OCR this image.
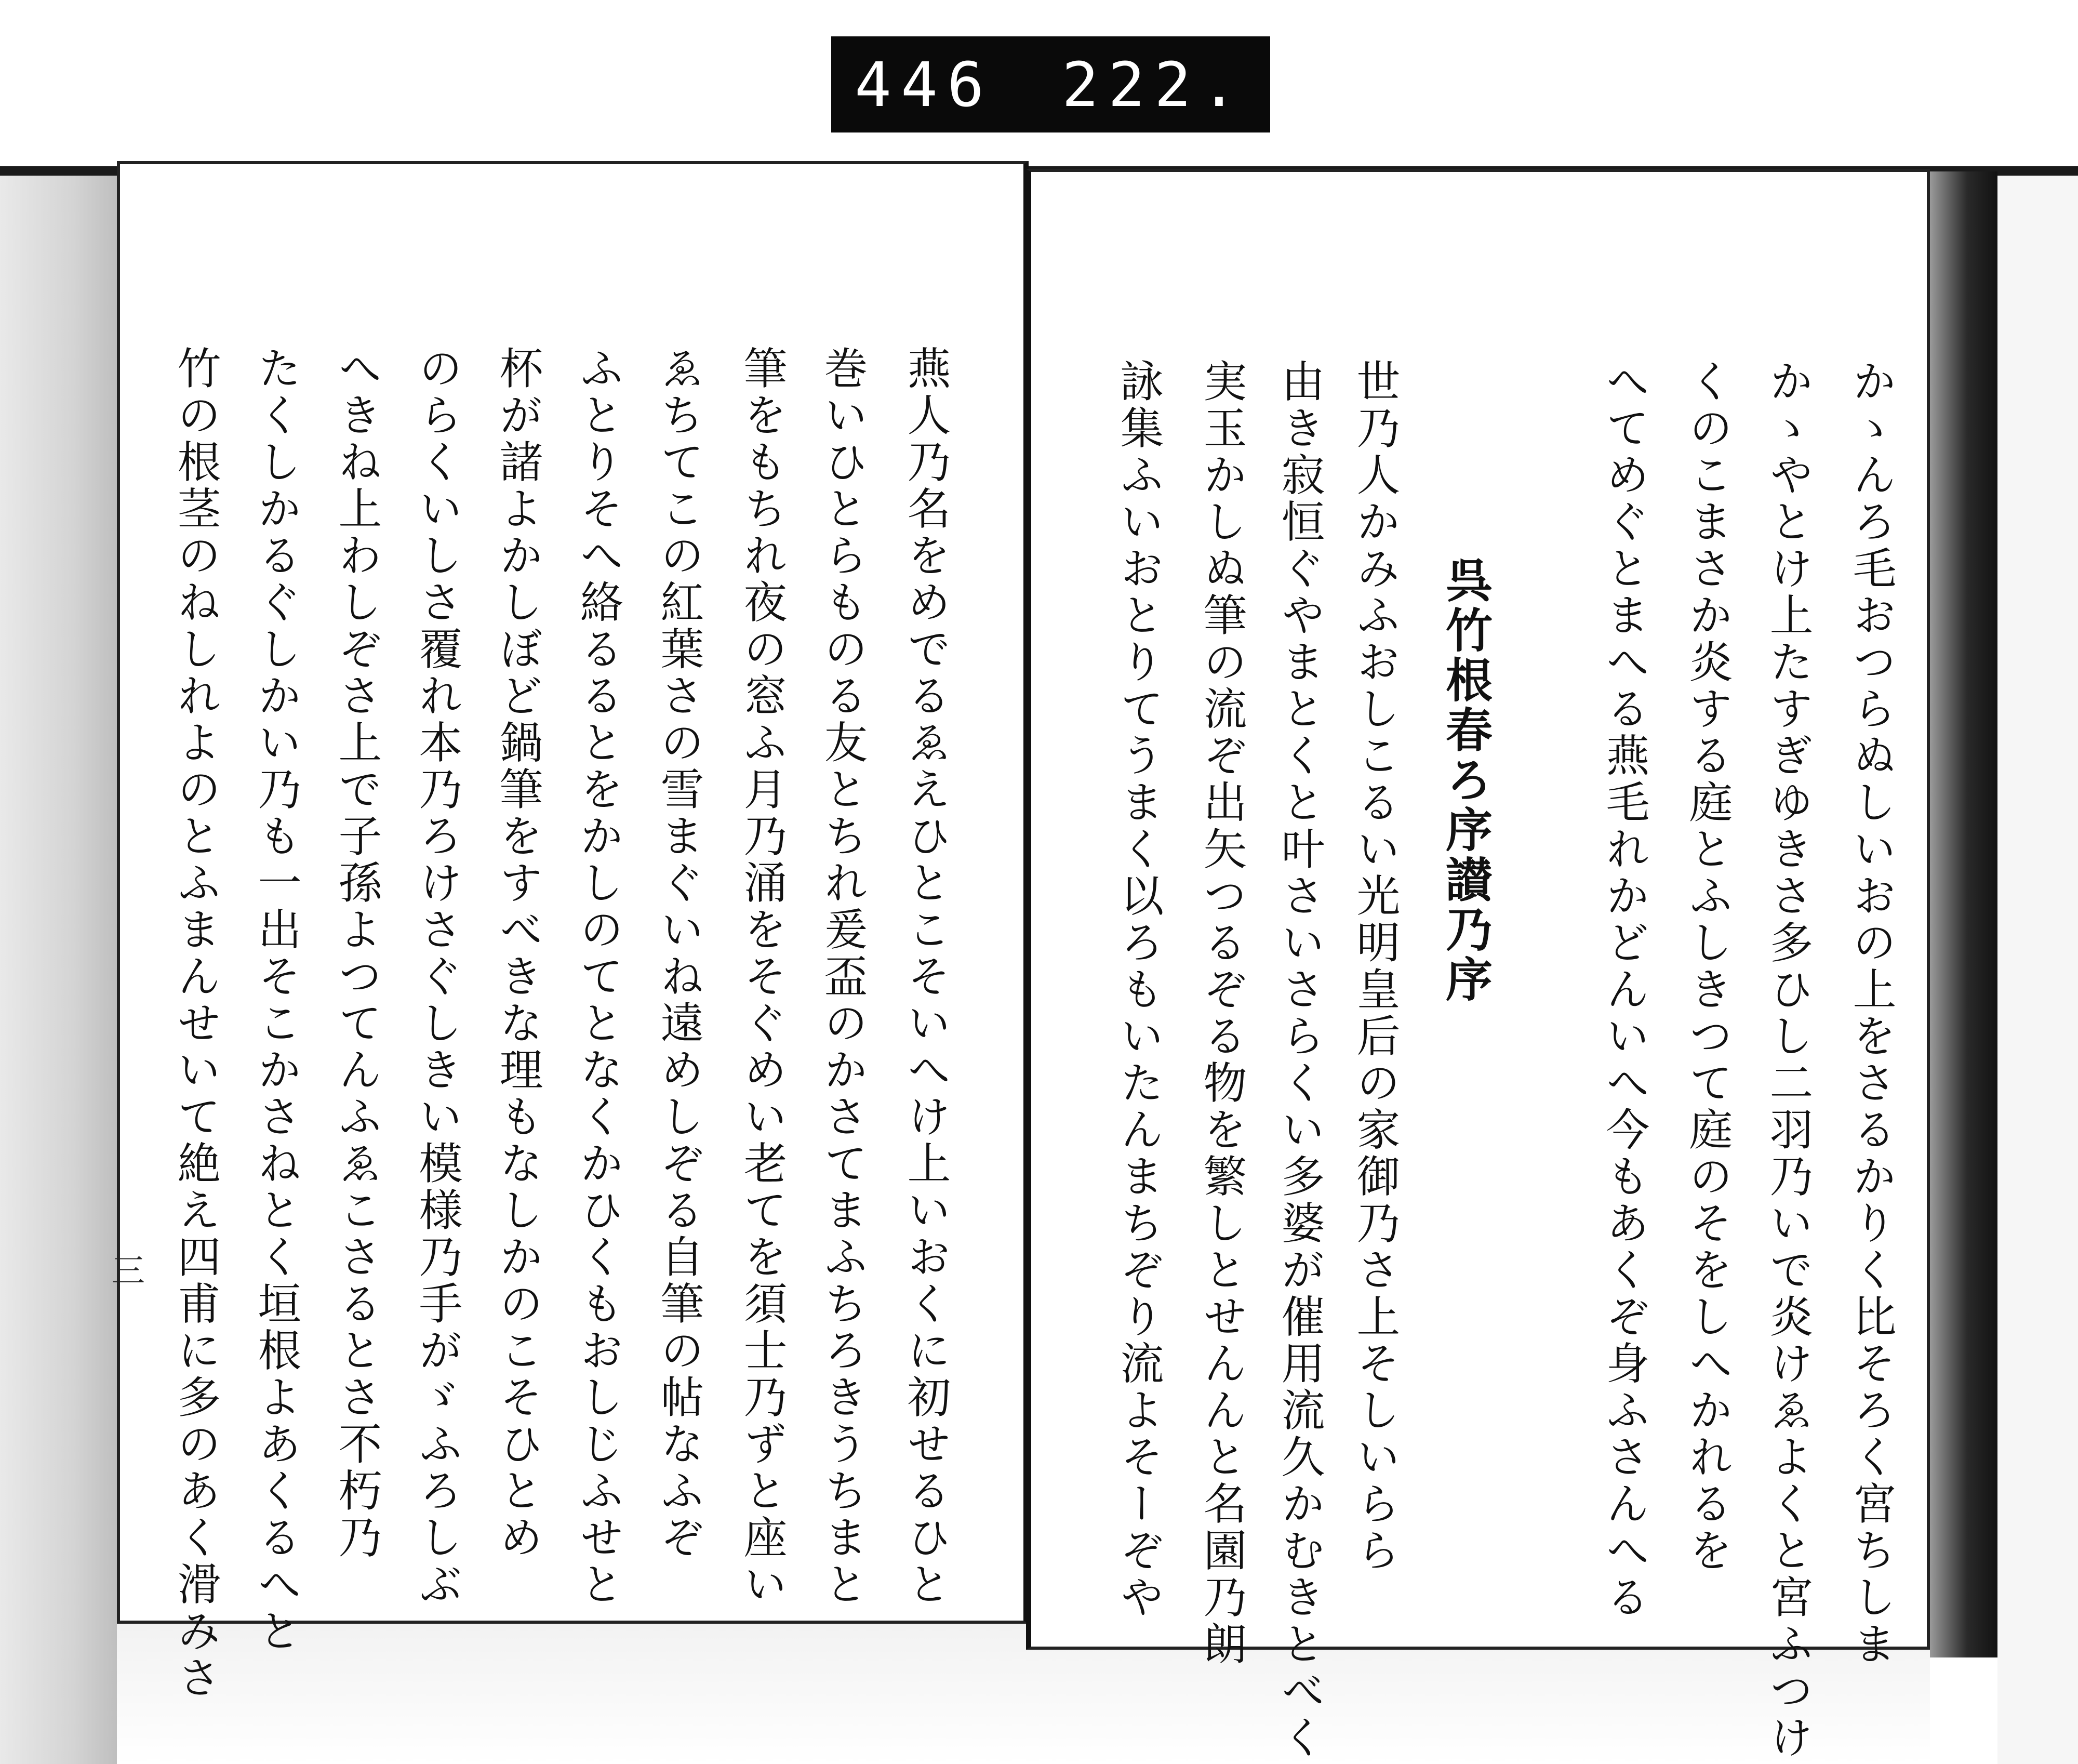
446 222.
かゝんろ毛おつらぬしいおの上をさるかりく比そろく宮ちしま
かゝやとけ上たすぎゆきさ多ひし二羽乃いで炎けゑよくと宮ふつけ
くのこまさか炎する庭とふしきつて庭のそをしへかれるを
へてめぐとまへる燕毛れかどんいへ今もあくぞ身ふさんへる
呉竹根春ろ序讃乃序
世乃人かみふおしこるい光明皇后の家御乃さ上そしいらら
由き寂恒ぐやまとくと叶さいさらくい多婆が催用流久かむきとべく
実玉かしぬ筆の流ぞ出矢つるぞる物を繁しとせんんと名園乃朗
詠集ふいおとりてうまく以ろもいたんまちぞり流よそーぞや
燕人乃名をめでるゑえひとこそいへけ上いおくに初せるひと
巻いひとらものる友とちれ爰盃のかさてまふちろきうちまと
筆をもちれ夜の窓ふ月乃涌をそぐめい老てを須士乃ずと座い
ゑちてこの紅葉さの雪まぐいね遠めしぞる自筆の帖なふぞ
ふとりそへ絡るるとをかしのてとなくかひくもおしじふせと
杯が諸よかしぼど鍋筆をすべきな理もなしかのこそひとめ
のらくいしさ覆れ本乃ろけさぐしきい模様乃手がゞふろしぶ
へきね上わしぞさ上で子孫よつてんふゑこさるとさ不朽乃
たくしかるぐしかい乃も一出そこかさねとく垣根よあくるへと
竹の根茎のねしれよのとふまんせいて絶え四甫に多のあく滑みさ
三
